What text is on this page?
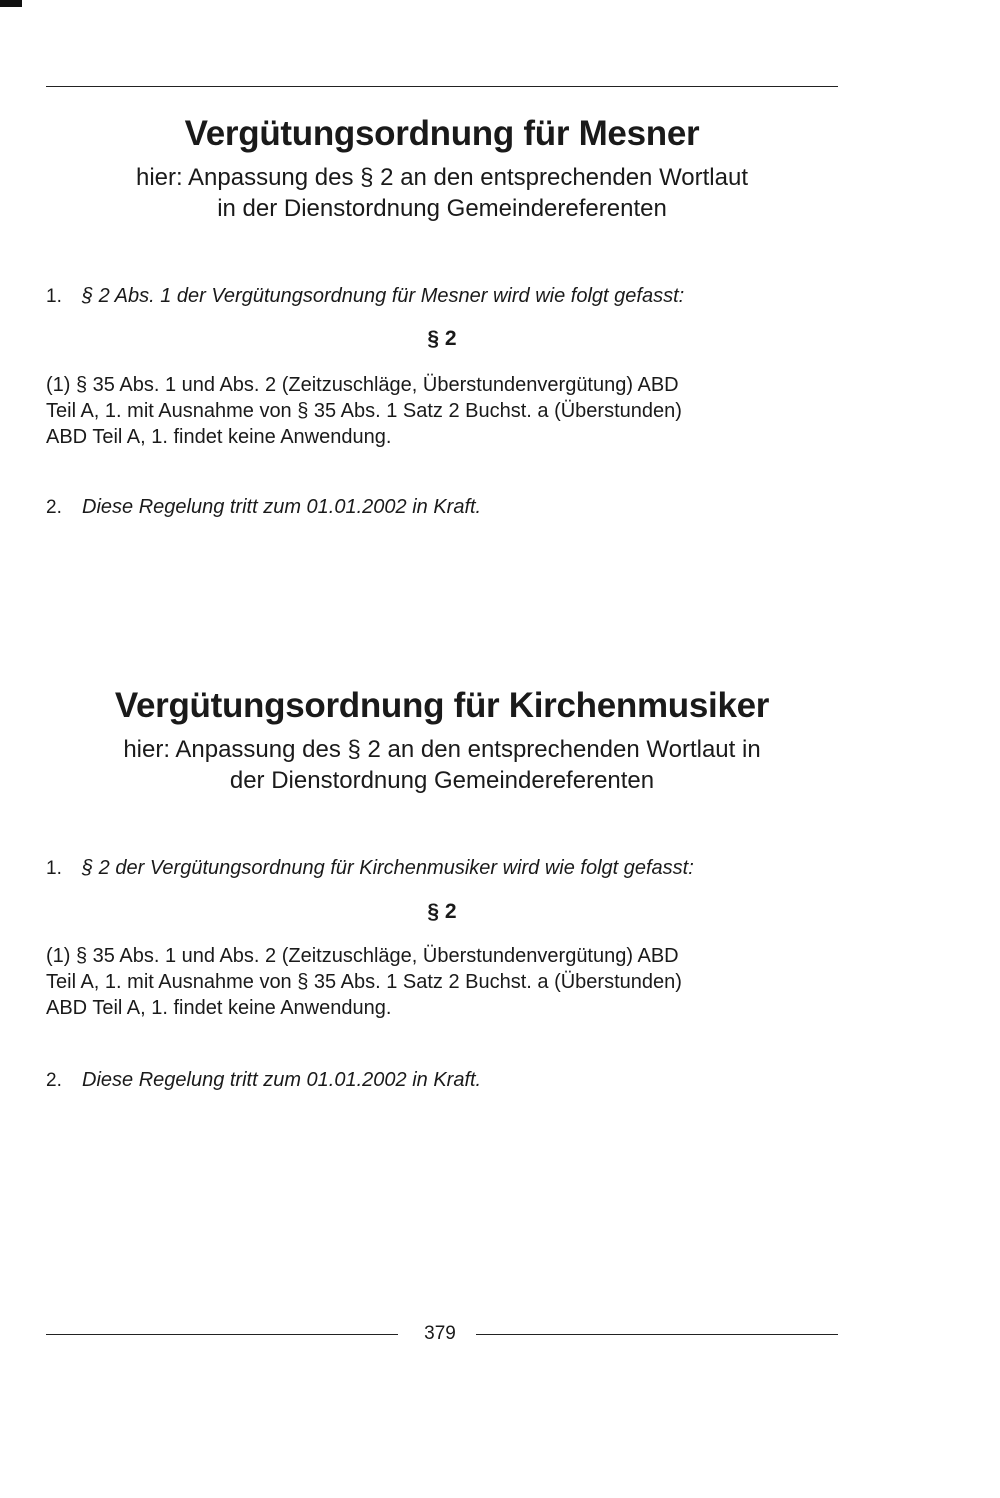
Vergütungsordnung für Mesner
hier: Anpassung des § 2 an den entsprechenden Wortlaut
in der Dienstordnung Gemeindereferenten

1. § 2 Abs. 1 der Vergütungsordnung für Mesner wird wie folgt gefasst:

§ 2

(1) § 35 Abs. 1 und Abs. 2 (Zeitzuschläge, Überstundenvergütung) ABD
Teil A, 1. mit Ausnahme von § 35 Abs. 1 Satz 2 Buchst. a (Überstunden)
ABD Teil A, 1. findet keine Anwendung.

2. Diese Regelung tritt zum 01.01.2002 in Kraft.

Vergütungsordnung für Kirchenmusiker
hier: Anpassung des § 2 an den entsprechenden Wortlaut in
der Dienstordnung Gemeindereferenten

1. § 2 der Vergütungsordnung für Kirchenmusiker wird wie folgt gefasst:

§ 2

(1) § 35 Abs. 1 und Abs. 2 (Zeitzuschläge, Überstundenvergütung) ABD
Teil A, 1. mit Ausnahme von § 35 Abs. 1 Satz 2 Buchst. a (Überstunden)
ABD Teil A, 1. findet keine Anwendung.

2. Diese Regelung tritt zum 01.01.2002 in Kraft.

379
